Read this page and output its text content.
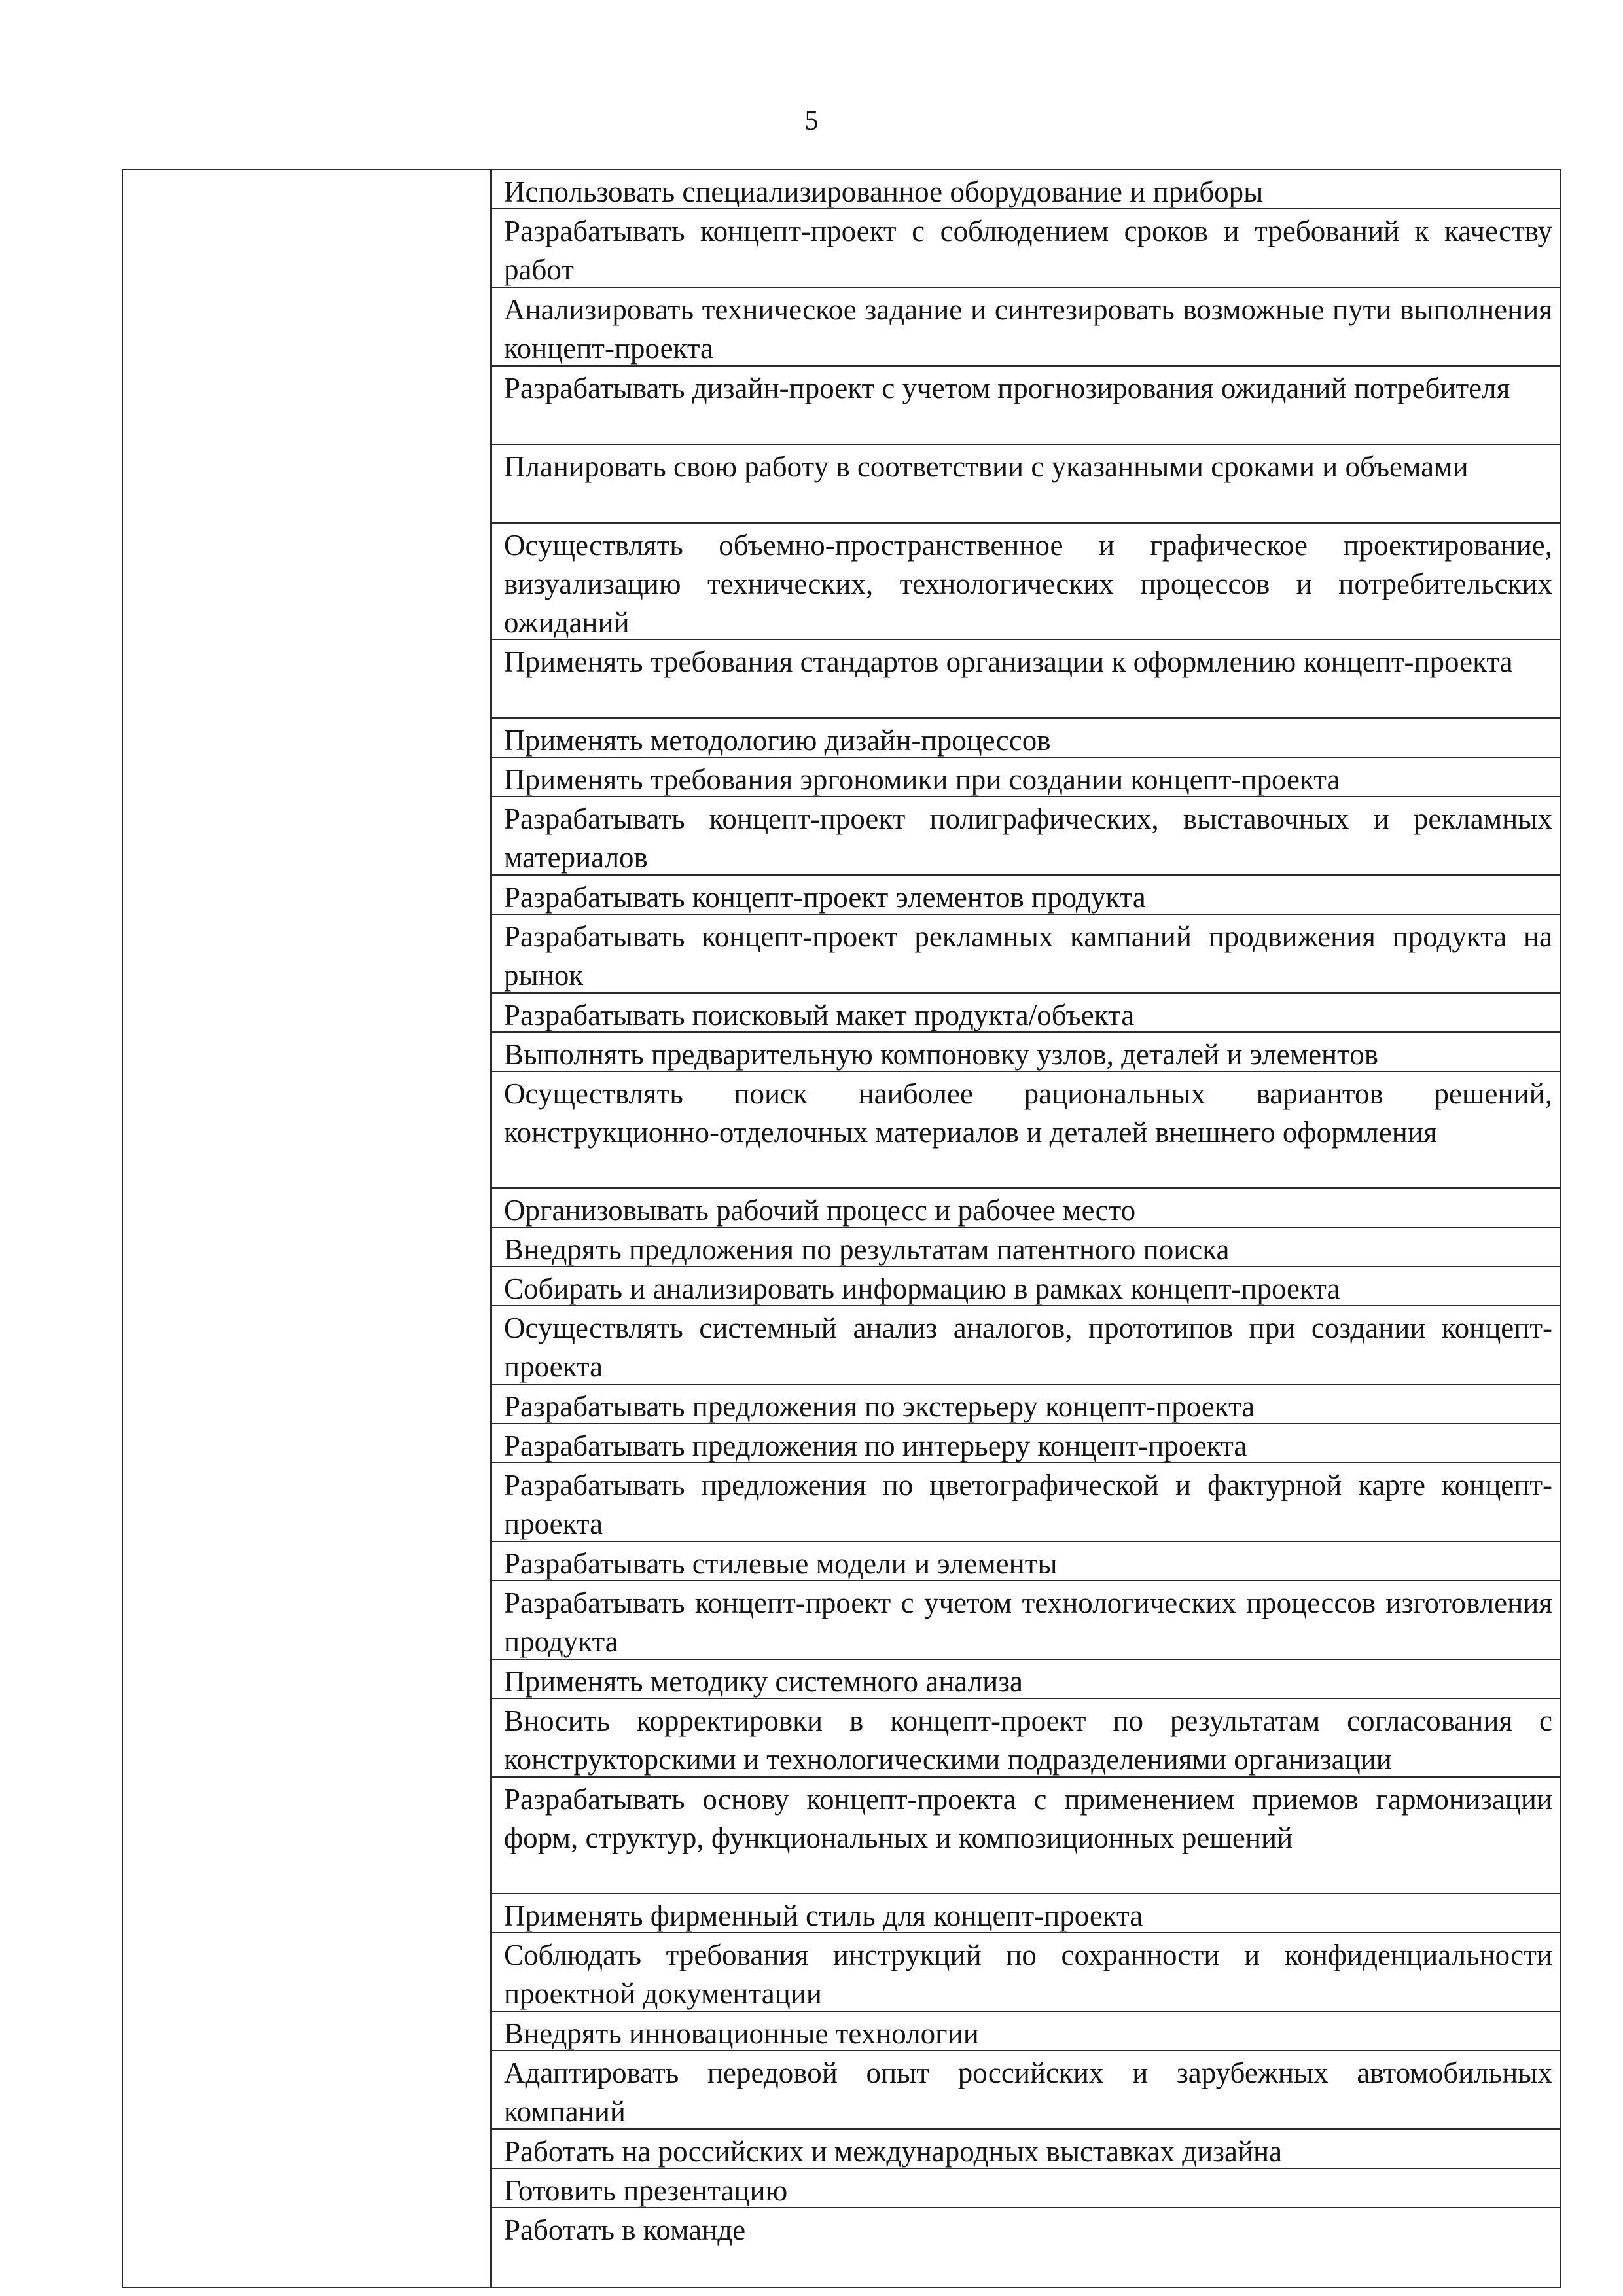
5
Использовать специализированное оборудование и приборы
Разрабатывать концепт-проект с соблюдением сроков и требований к качеству работ
Анализировать техническое задание и синтезировать возможные пути выполнения концепт-проекта
Разрабатывать дизайн-проект с учетом прогнозирования ожиданий потребителя
Планировать свою работу в соответствии с указанными сроками и объемами
Осуществлять объемно-пространственное и графическое проектирование, визуализацию технических, технологических процессов и потребительских ожиданий
Применять требования стандартов организации к оформлению концепт-проекта
Применять методологию дизайн-процессов
Применять требования эргономики при создании концепт-проекта
Разрабатывать концепт-проект полиграфических, выставочных и рекламных материалов
Разрабатывать концепт-проект элементов продукта
Разрабатывать концепт-проект рекламных кампаний продвижения продукта на рынок
Разрабатывать поисковый макет продукта/объекта
Выполнять предварительную компоновку узлов, деталей и элементов
Осуществлять поиск наиболее рациональных вариантов решений, конструкционно-отделочных материалов и деталей внешнего оформления
Организовывать рабочий процесс и рабочее место
Внедрять предложения по результатам патентного поиска
Собирать и анализировать информацию в рамках концепт-проекта
Осуществлять системный анализ аналогов, прототипов при создании концепт-проекта
Разрабатывать предложения по экстерьеру концепт-проекта
Разрабатывать предложения по интерьеру концепт-проекта
Разрабатывать предложения по цветографической и фактурной карте концепт-проекта
Разрабатывать стилевые модели и элементы
Разрабатывать концепт-проект с учетом технологических процессов изготовления продукта
Применять методику системного анализа
Вносить корректировки в концепт-проект по результатам согласования с конструкторскими и технологическими подразделениями организации
Разрабатывать основу концепт-проекта с применением приемов гармонизации форм, структур, функциональных и композиционных решений
Применять фирменный стиль для концепт-проекта
Соблюдать требования инструкций по сохранности и конфиденциальности проектной документации
Внедрять инновационные технологии
Адаптировать передовой опыт российских и зарубежных автомобильных компаний
Работать на российских и международных выставках дизайна
Готовить презентацию
Работать в команде
